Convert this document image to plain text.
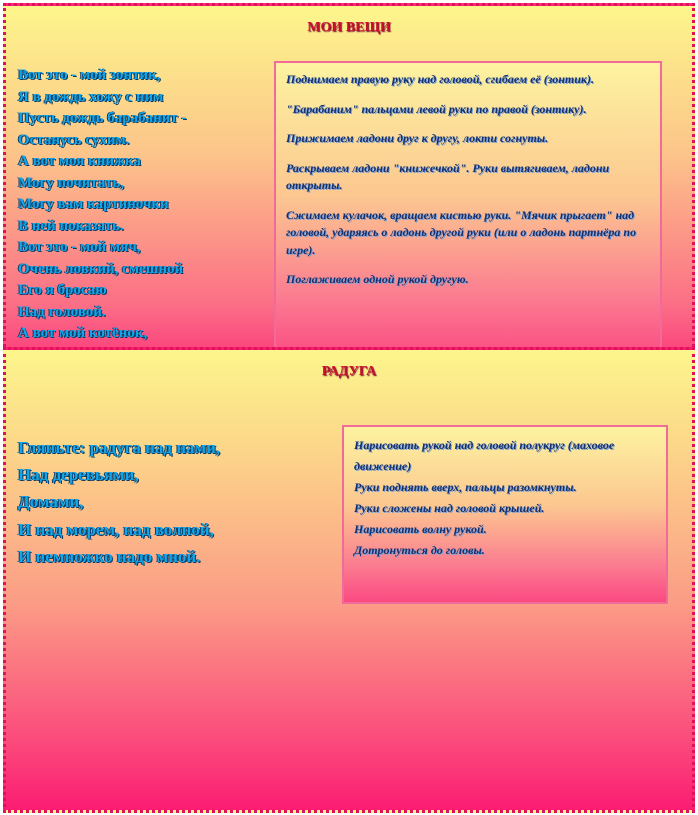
МОИ ВЕЩИ
Вот это - мой зонтик,
Я в дождь хожу с ним
Пусть дождь барабанит -
Останусь сухим.
А вот моя книжка
Могу почитать,
Могу вам картиночки
В ней показать.
Вот это - мой мяч,
Очень ловкий, смешной
Его я бросаю
Над головой.
А вот мой котёнок,

Поднимаем правую руку над головой, сгибаем её (зонтик).

"Барабаним" пальцами левой руки по правой (зонтику).

Прижимаем ладони друг к другу, локти согнуты.

Раскрываем ладони "книжечкой". Руки вытягиваем, ладони открыты.

Сжимаем кулачок, вращаем кистью руки. "Мячик прыгает" над головой, ударяясь о ладонь другой руки (или о ладонь партнёра по игре).

Поглаживаем одной рукой другую.

РАДУГА
Гляньте: радуга над нами,
Над деревьями,
Домами,
И над морем, над волной,
И немножко надо мной.
Нарисовать рукой над головой полукруг (маховое движение)
Руки поднять вверх, пальцы разомкнуты.
Руки сложены над головой крышей.
Нарисовать волну рукой.
Дотронуться до головы.
